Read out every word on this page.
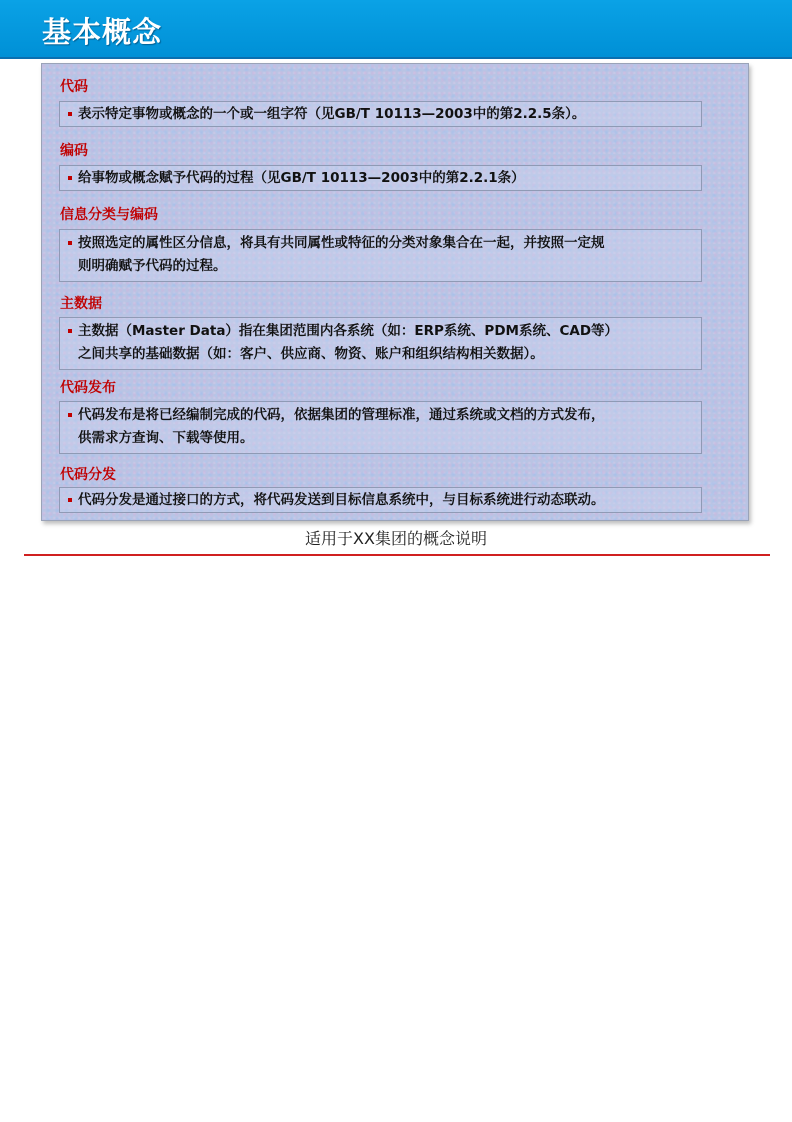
基本概念
代码
表示特定事物或概念的一个或一组字符（见GB/T 10113—2003中的第2.2.5条）。
编码
给事物或概念赋予代码的过程（见GB/T 10113—2003中的第2.2.1条）
信息分类与编码
按照选定的属性区分信息，将具有共同属性或特征的分类对象集合在一起，并按照一定规
则明确赋予代码的过程。
主数据
主数据（Master Data）指在集团范围内各系统（如：ERP系统、PDM系统、CAD等）
之间共享的基础数据（如：客户、供应商、物资、账户和组织结构相关数据）。
代码发布
代码发布是将已经编制完成的代码，依据集团的管理标准，通过系统或文档的方式发布，
供需求方查询、下载等使用。
代码分发
代码分发是通过接口的方式，将代码发送到目标信息系统中，与目标系统进行动态联动。
适用于XX集团的概念说明
